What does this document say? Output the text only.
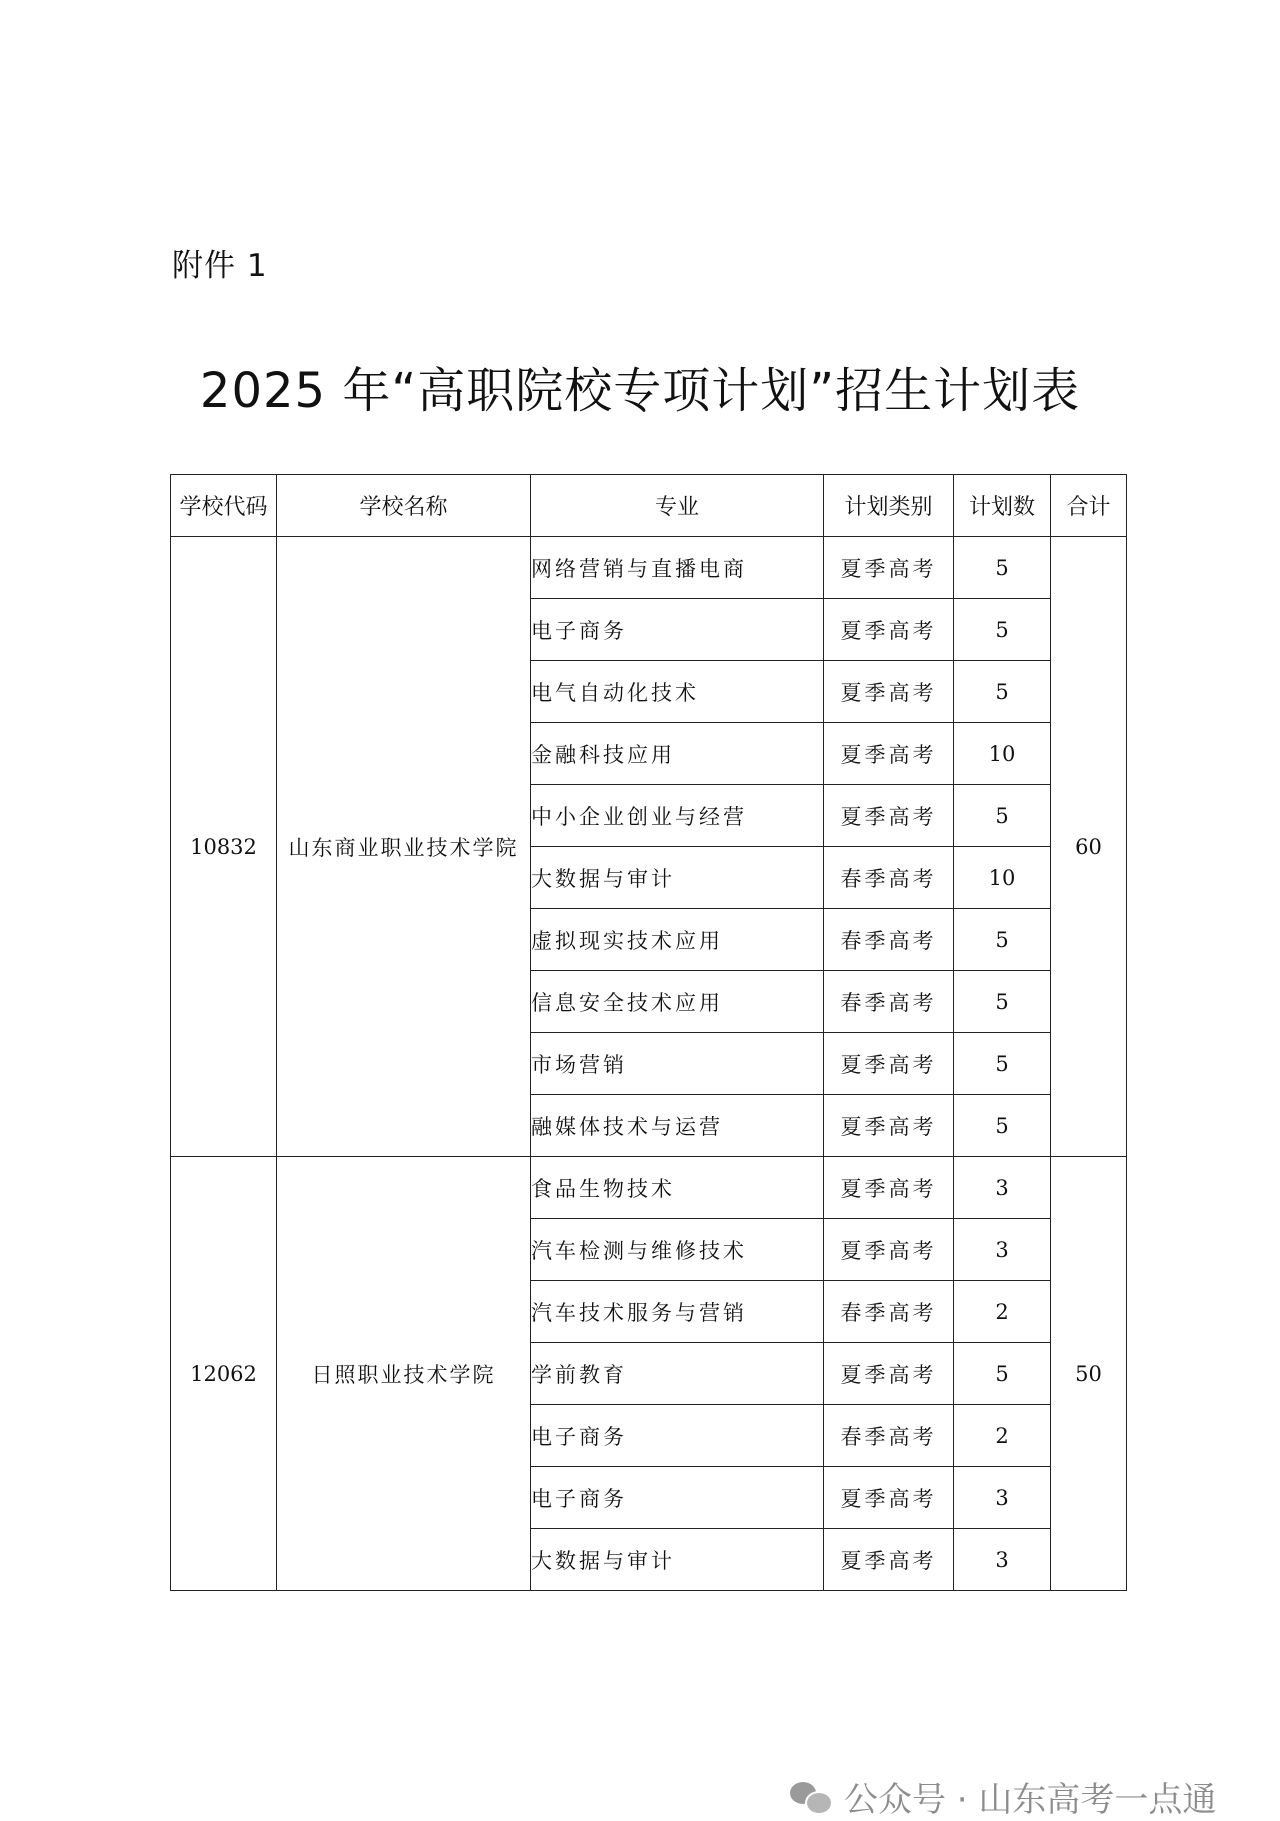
附件 1
2025 年“高职院校专项计划”招生计划表
学校代码	学校名称	专业	计划类别	计划数	合计
10832	山东商业职业技术学院	网络营销与直播电商	夏季高考	5	60
		电子商务	夏季高考	5	
		电气自动化技术	夏季高考	5	
		金融科技应用	夏季高考	10	
		中小企业创业与经营	夏季高考	5	
		大数据与审计	春季高考	10	
		虚拟现实技术应用	春季高考	5	
		信息安全技术应用	春季高考	5	
		市场营销	夏季高考	5	
		融媒体技术与运营	夏季高考	5	
12062	日照职业技术学院	食品生物技术	夏季高考	3	50
		汽车检测与维修技术	夏季高考	3	
		汽车技术服务与营销	春季高考	2	
		学前教育	夏季高考	5	
		电子商务	春季高考	2	
		电子商务	夏季高考	3	
		大数据与审计	夏季高考	3	
公众号 · 山东高考一点通
